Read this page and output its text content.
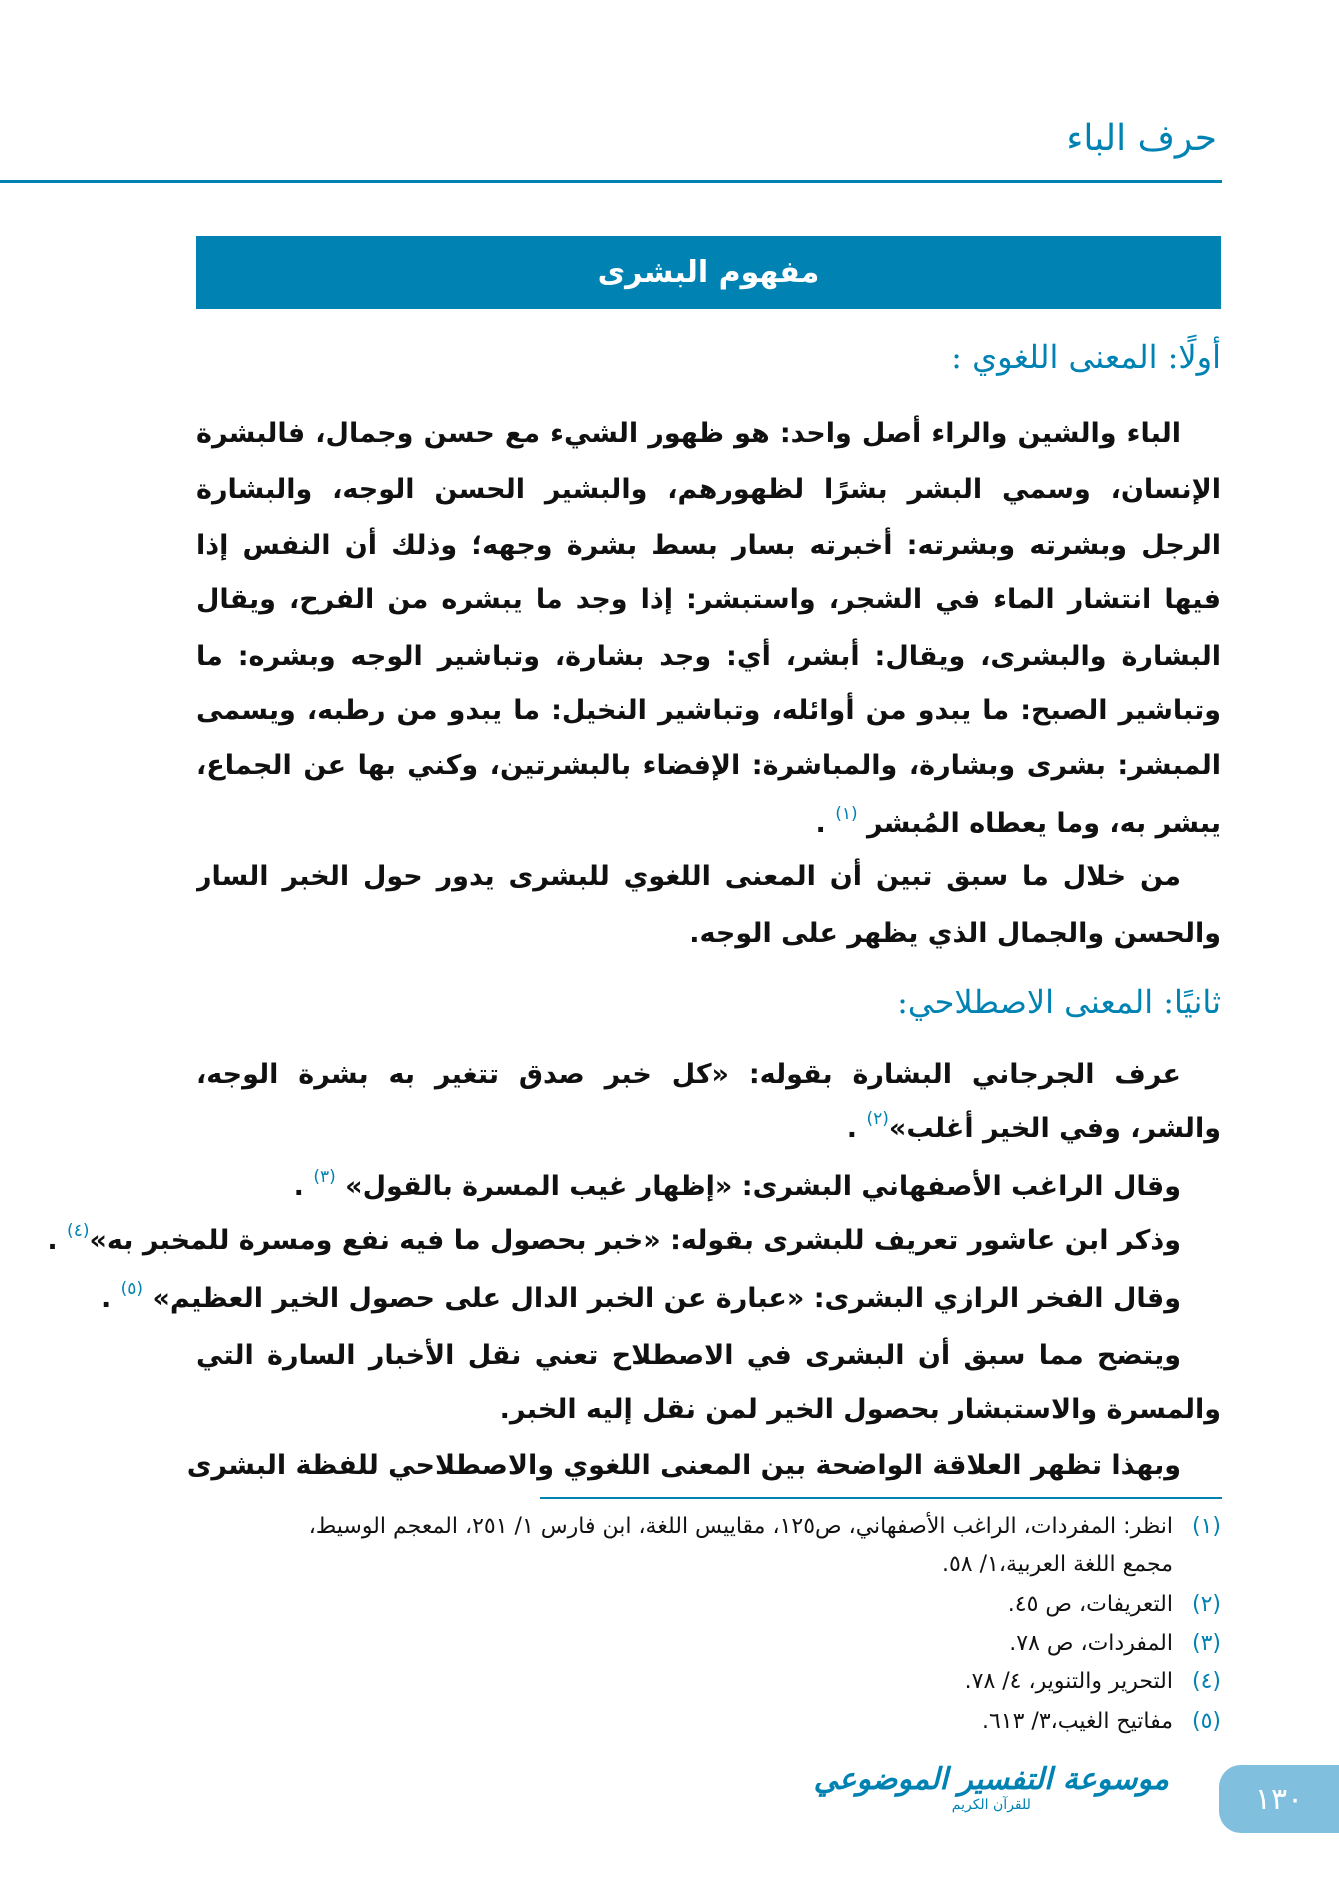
حرف الباء
مفهوم البشرى
أولًا: المعنى اللغوي :
الباء والشين والراء أصل واحد: هو ظهور الشيء مع حسن وجمال، فالبشرة
الإنسان، وسمي البشر بشرًا لظهورهم، والبشير الحسن الوجه، والبشارة
الرجل وبشرته وبشرته: أخبرته بسار بسط بشرة وجهه؛ وذلك أن النفس إذا
فيها انتشار الماء في الشجر، واستبشر: إذا وجد ما يبشره من الفرح، ويقال
البشارة والبشرى، ويقال: أبشر، أي: وجد بشارة، وتباشير الوجه وبشره: ما
وتباشير الصبح: ما يبدو من أوائله، وتباشير النخيل: ما يبدو من رطبه، ويسمى
المبشر: بشرى وبشارة، والمباشرة: الإفضاء بالبشرتين، وكني بها عن الجماع،
يبشر به، وما يعطاه المُبشر $^{(١)}$ .
من خلال ما سبق تبين أن المعنى اللغوي للبشرى يدور حول الخبر السار
والحسن والجمال الذي يظهر على الوجه.
ثانيًا: المعنى الاصطلاحي:
عرف الجرجاني البشارة بقوله: «كل خبر صدق تتغير به بشرة الوجه،
والشر، وفي الخير أغلب»$^{(٢)}$ .
وقال الراغب الأصفهاني البشرى: «إظهار غيب المسرة بالقول» $^{(٣)}$ .
وذكر ابن عاشور تعريف للبشرى بقوله: «خبر بحصول ما فيه نفع ومسرة للمخبر به»$^{(٤)}$ .
وقال الفخر الرازي البشرى: «عبارة عن الخبر الدال على حصول الخير العظيم» $^{(٥)}$ .
ويتضح مما سبق أن البشرى في الاصطلاح تعني نقل الأخبار السارة التي
والمسرة والاستبشار بحصول الخير لمن نقل إليه الخبر.
وبهذا تظهر العلاقة الواضحة بين المعنى اللغوي والاصطلاحي للفظة البشرى
(١)انظر: المفردات، الراغب الأصفهاني، ص١٢٥، مقاييس اللغة، ابن فارس ١/ ٢٥١، المعجم الوسيط،
مجمع اللغة العربية،١/ ٥٨.
(٢)التعريفات، ص ٤٥.
(٣)المفردات، ص ٧٨.
(٤)التحرير والتنوير، ٤/ ٧٨.
(٥)مفاتيح الغيب،٣/ ٦١٣.
موسوعة التفسير الموضوعي
للقرآن الكريم	١٣٠
